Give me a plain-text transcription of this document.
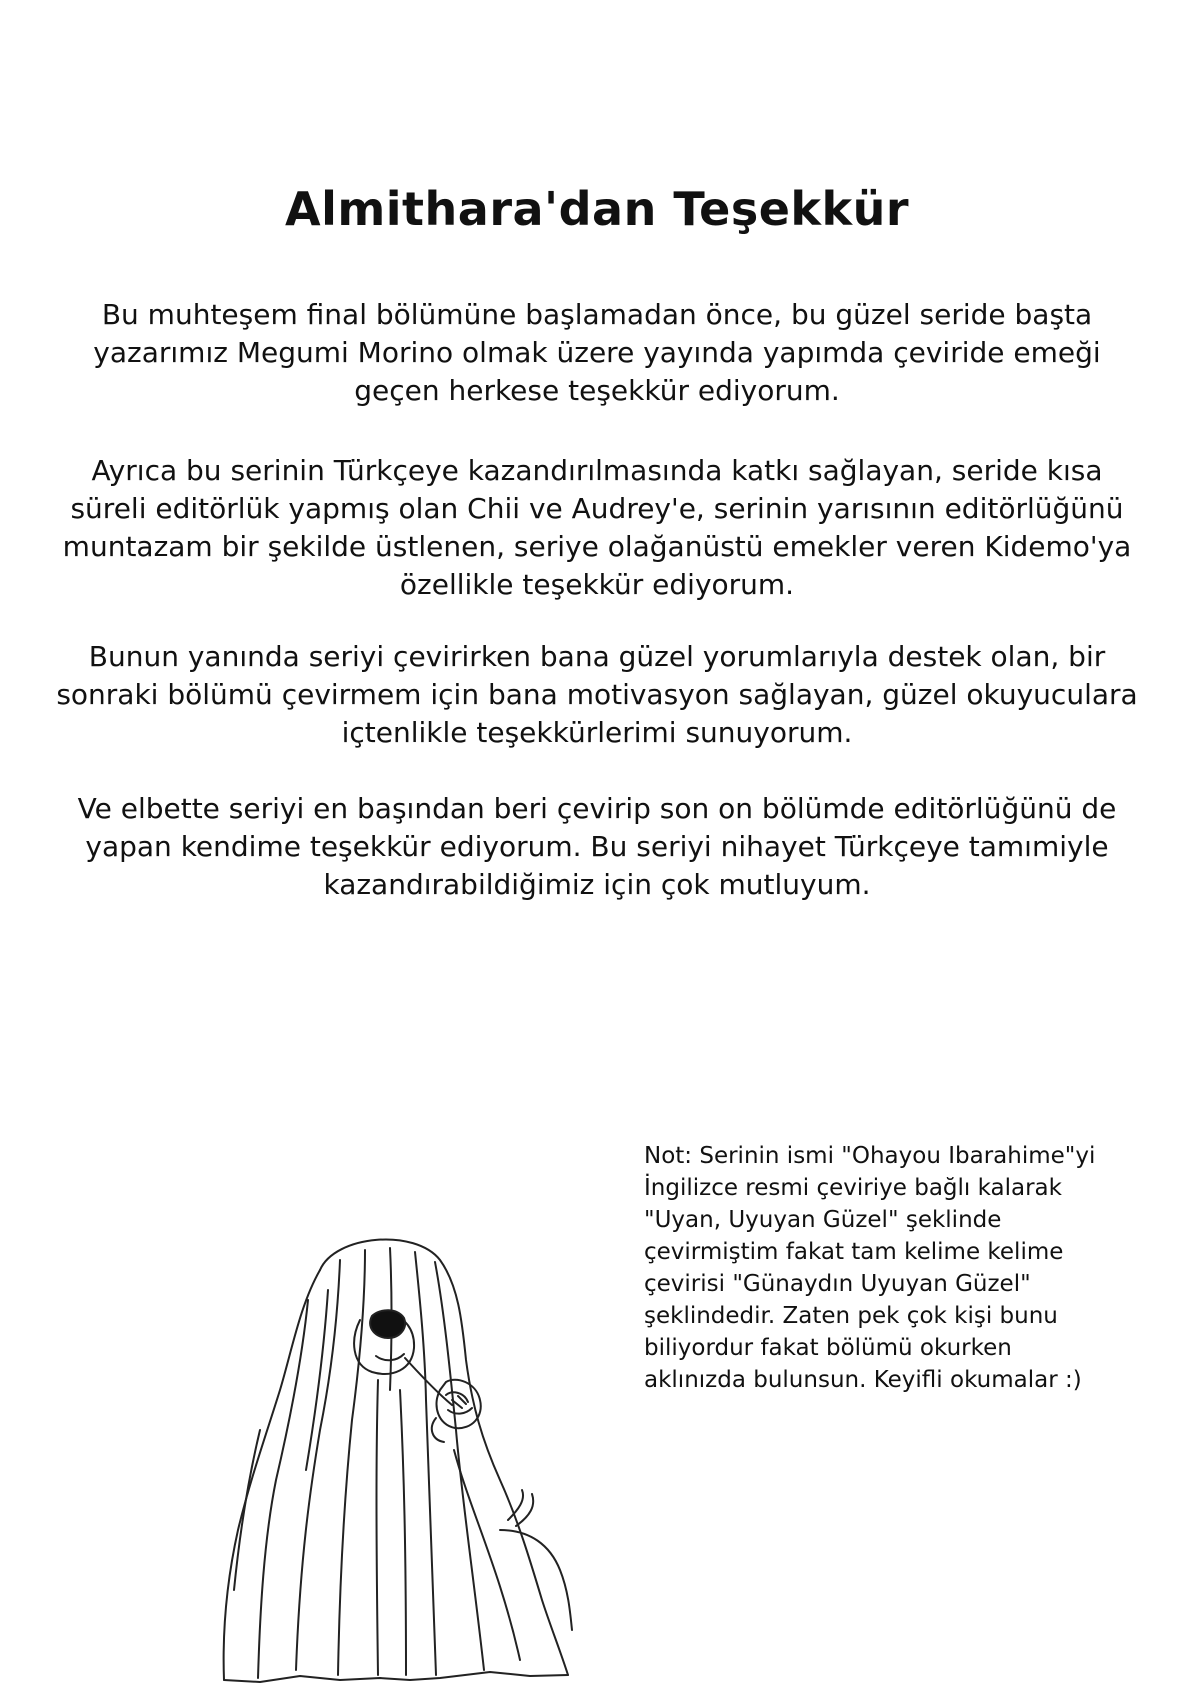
Almithara'dan Teşekkür

Bu muhteşem final bölümüne başlamadan önce, bu güzel seride başta yazarımız Megumi Morino olmak üzere yayında yapımda çeviride emeği geçen herkese teşekkür ediyorum.

Ayrıca bu serinin Türkçeye kazandırılmasında katkı sağlayan, seride kısa süreli editörlük yapmış olan Chii ve Audrey'e, serinin yarısının editörlüğünü muntazam bir şekilde üstlenen, seriye olağanüstü emekler veren Kidemo'ya özellikle teşekkür ediyorum.

Bunun yanında seriyi çevirirken bana güzel yorumlarıyla destek olan, bir sonraki bölümü çevirmem için bana motivasyon sağlayan, güzel okuyuculara içtenlikle teşekkürlerimi sunuyorum.

Ve elbette seriyi en başından beri çevirip son on bölümde editörlüğünü de yapan kendime teşekkür ediyorum. Bu seriyi nihayet Türkçeye tamımiyle kazandırabildiğimiz için çok mutluyum.

Not: Serinin ismi "Ohayou Ibarahime"yi İngilizce resmi çeviriye bağlı kalarak "Uyan, Uyuyan Güzel" şeklinde çevirmiştim fakat tam kelime kelime çevirisi "Günaydın Uyuyan Güzel" şeklindedir. Zaten pek çok kişi bunu biliyordur fakat bölümü okurken aklınızda bulunsun. Keyifli okumalar :)
